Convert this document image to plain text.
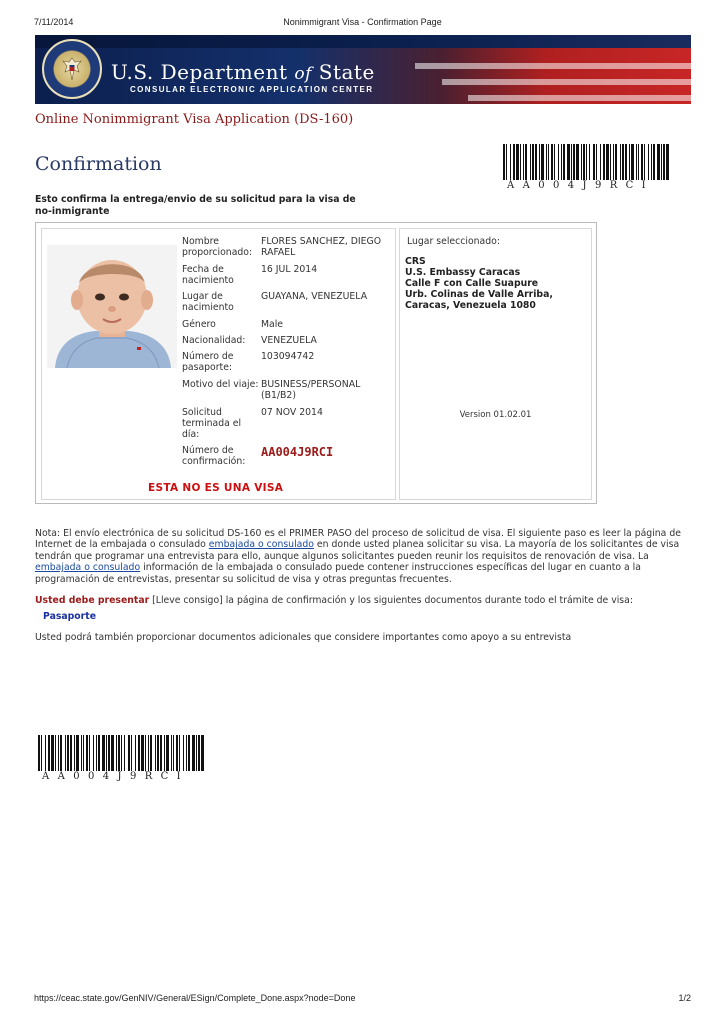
7/11/2014	Nonimmigrant Visa - Confirmation Page
U.S. Department of State
CONSULAR ELECTRONIC APPLICATION CENTER
Online Nonimmigrant Visa Application (DS-160)
Confirmation
AA004J9RCI
Esto confirma la entrega/envio de su solicitud para la visa de no-inmigrante
Nombre proporcionado:
FLORES SANCHEZ, DIEGO RAFAEL
Fecha de nacimiento
16 JUL 2014
Lugar de nacimiento
GUAYANA, VENEZUELA
Género	Male
Nacionalidad:	VENEZUELA
Número de pasaporte:
103094742
Motivo del viaje: BUSINESS/PERSONAL (B1/B2)
Solicitud terminada el día:
07 NOV 2014
Número de confirmación:
AA004J9RCI
ESTA NO ES UNA VISA
Lugar seleccionado:
CRS
U.S. Embassy Caracas
Calle F con Calle Suapure
Urb. Colinas de Valle Arriba,
Caracas, Venezuela 1080
Version 01.02.01
Nota: El envío electrónica de su solicitud DS-160 es el PRIMER PASO del proceso de solicitud de visa. El siguiente paso es leer la página de Internet de la embajada o consulado embajada o consulado en donde usted planea solicitar su visa. La mayoría de los solicitantes de visa tendrán que programar una entrevista para ello, aunque algunos solicitantes pueden reunir los requisitos de renovación de visa. La embajada o consulado información de la embajada o consulado puede contener instrucciones específicas del lugar en cuanto a la programación de entrevistas, presentar su solicitud de visa y otras preguntas frecuentes.
Usted debe presentar [Lleve consigo] la página de confirmación y los siguientes documentos durante todo el trámite de visa:
Pasaporte
Usted podrá también proporcionar documentos adicionales que considere importantes como apoyo a su entrevista
AA004J9RCI
https://ceac.state.gov/GenNIV/General/ESign/Complete_Done.aspx?node=Done	1/2
